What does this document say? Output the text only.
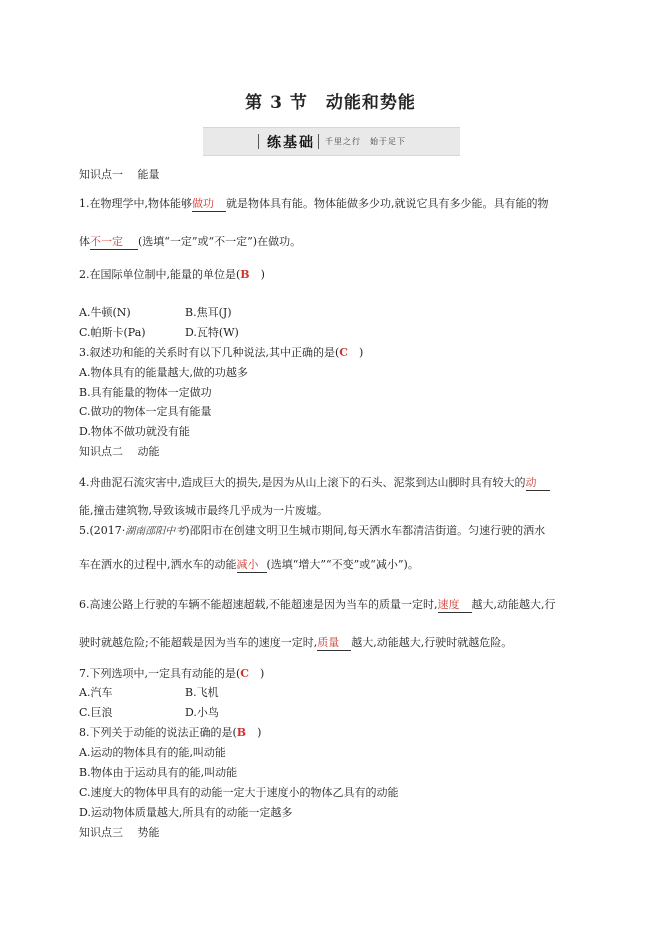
第 3 节　动能和势能
练基础 千里之行　始于足下
知识点一　 能量
1.在物理学中,物体能够做功 就是物体具有能。物体能做多少功,就说它具有多少能。具有能的物
体不一定 (选填“一定”或“不一定”)在做功。
2.在国际单位制中,能量的单位是(B　)
A.牛顿(N)	B.焦耳(J)
C.帕斯卡(Pa)	D.瓦特(W)
3.叙述功和能的关系时有以下几种说法,其中正确的是(C　)
A.物体具有的能量越大,做的功越多
B.具有能量的物体一定做功
C.做功的物体一定具有能量
D.物体不做功就没有能
知识点二　 动能
4.舟曲泥石流灾害中,造成巨大的损失,是因为从山上滚下的石头、泥浆到达山脚时具有较大的动
能,撞击建筑物,导致该城市最终几乎成为一片废墟。
5.(2017·湖南邵阳中考)邵阳市在创建文明卫生城市期间,每天洒水车都清洁街道。匀速行驶的洒水
车在洒水的过程中,洒水车的动能减小 (选填“增大”“不变”或“减小”)。
6.高速公路上行驶的车辆不能超速超载,不能超速是因为当车的质量一定时,速度 越大,动能越大,行
驶时就越危险;不能超载是因为当车的速度一定时,质量 越大,动能越大,行驶时就越危险。
7.下列选项中,一定具有动能的是(C　)
A.汽车	B.飞机
C.巨浪	D.小鸟
8.下列关于动能的说法正确的是(B　)
A.运动的物体具有的能,叫动能
B.物体由于运动具有的能,叫动能
C.速度大的物体甲具有的动能一定大于速度小的物体乙具有的动能
D.运动物体质量越大,所具有的动能一定越多
知识点三　 势能
